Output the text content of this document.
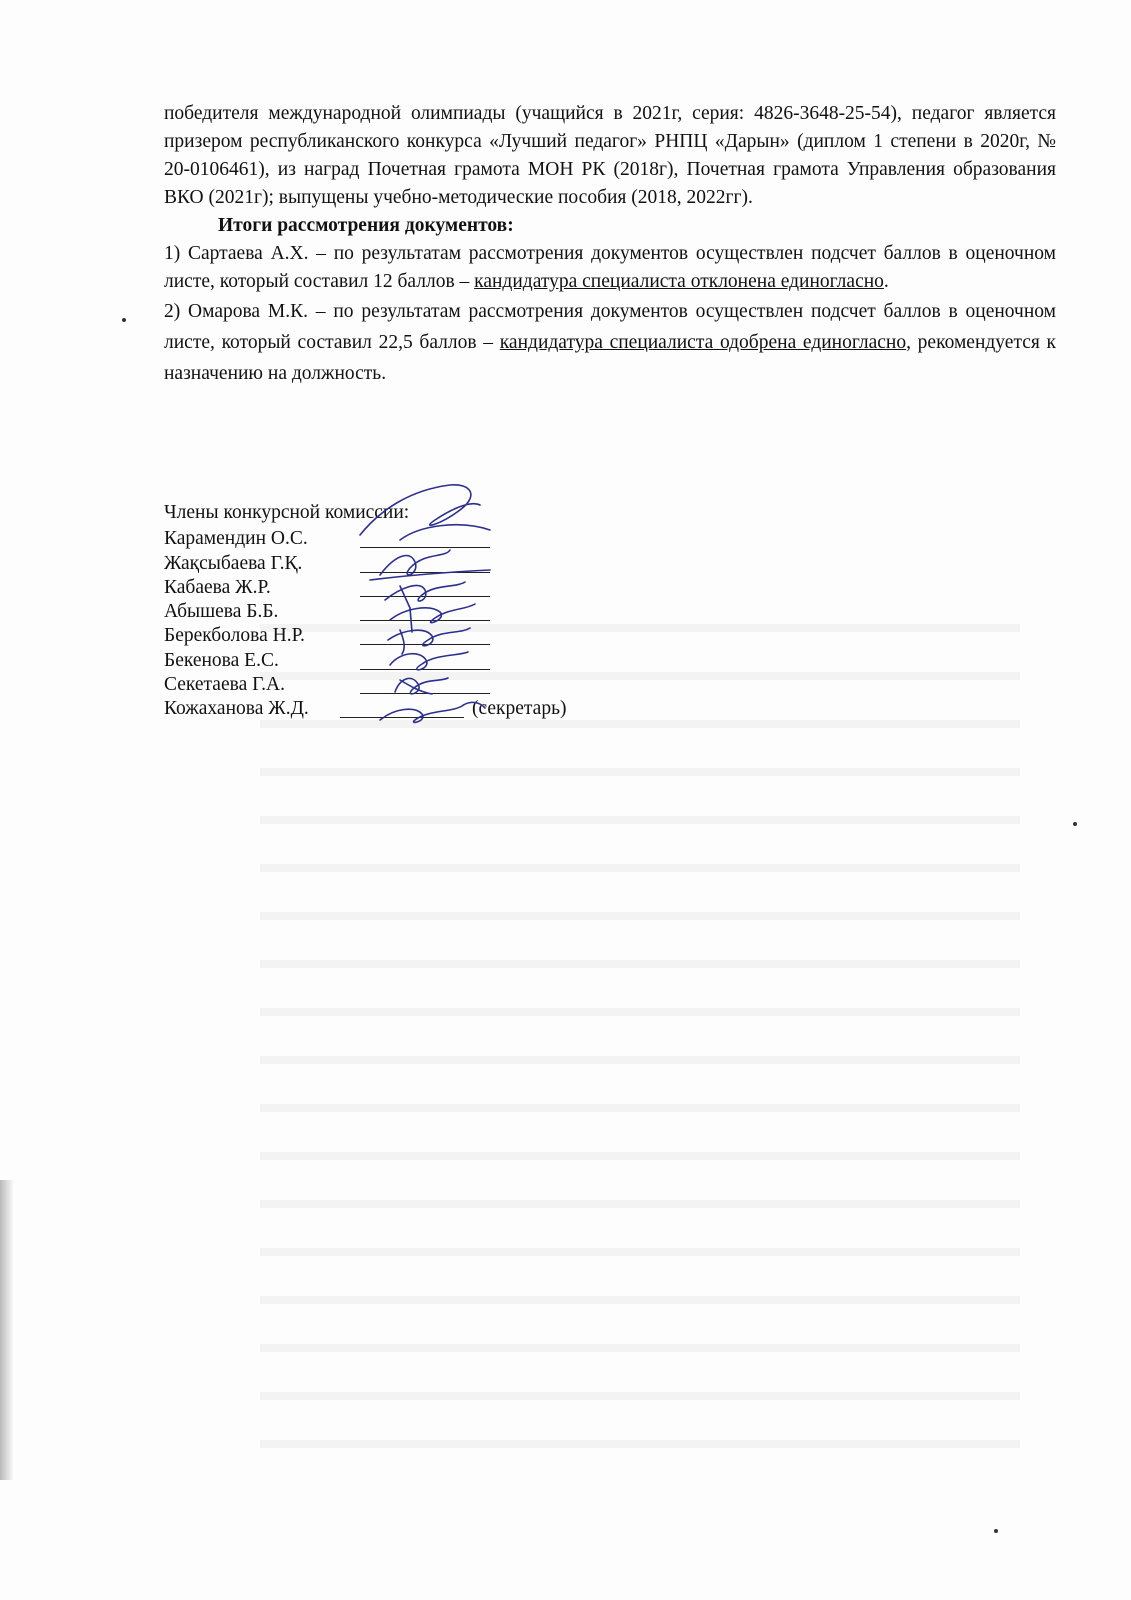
победителя международной олимпиады (учащийся в 2021г, серия: 4826-3648-25-54), педагог является призером республиканского конкурса «Лучший педагог» РНПЦ «Дарын» (диплом 1 степени в 2020г, № 20-0106461), из наград Почетная грамота МОН РК (2018г), Почетная грамота Управления образования ВКО (2021г); выпущены учебно-методические пособия (2018, 2022гг).

Итоги рассмотрения документов:

1) Сартаева А.Х. – по результатам рассмотрения документов осуществлен подсчет баллов в оценочном листе, который составил 12 баллов – кандидатура специалиста отклонена единогласно.

2) Омарова М.К. – по результатам рассмотрения документов осуществлен подсчет баллов в оценочном листе, который составил 22,5 баллов – кандидатура специалиста одобрена единогласно, рекомендуется к назначению на должность.

Члены конкурсной комиссии:

Карамендин О.С.
Жақсыбаева Г.Қ.
Кабаева Ж.Р.
Абышева Б.Б.
Берекболова Н.Р.
Бекенова Е.С.
Секетаева Г.А.
Кожаханова Ж.Д.	(секретарь)
